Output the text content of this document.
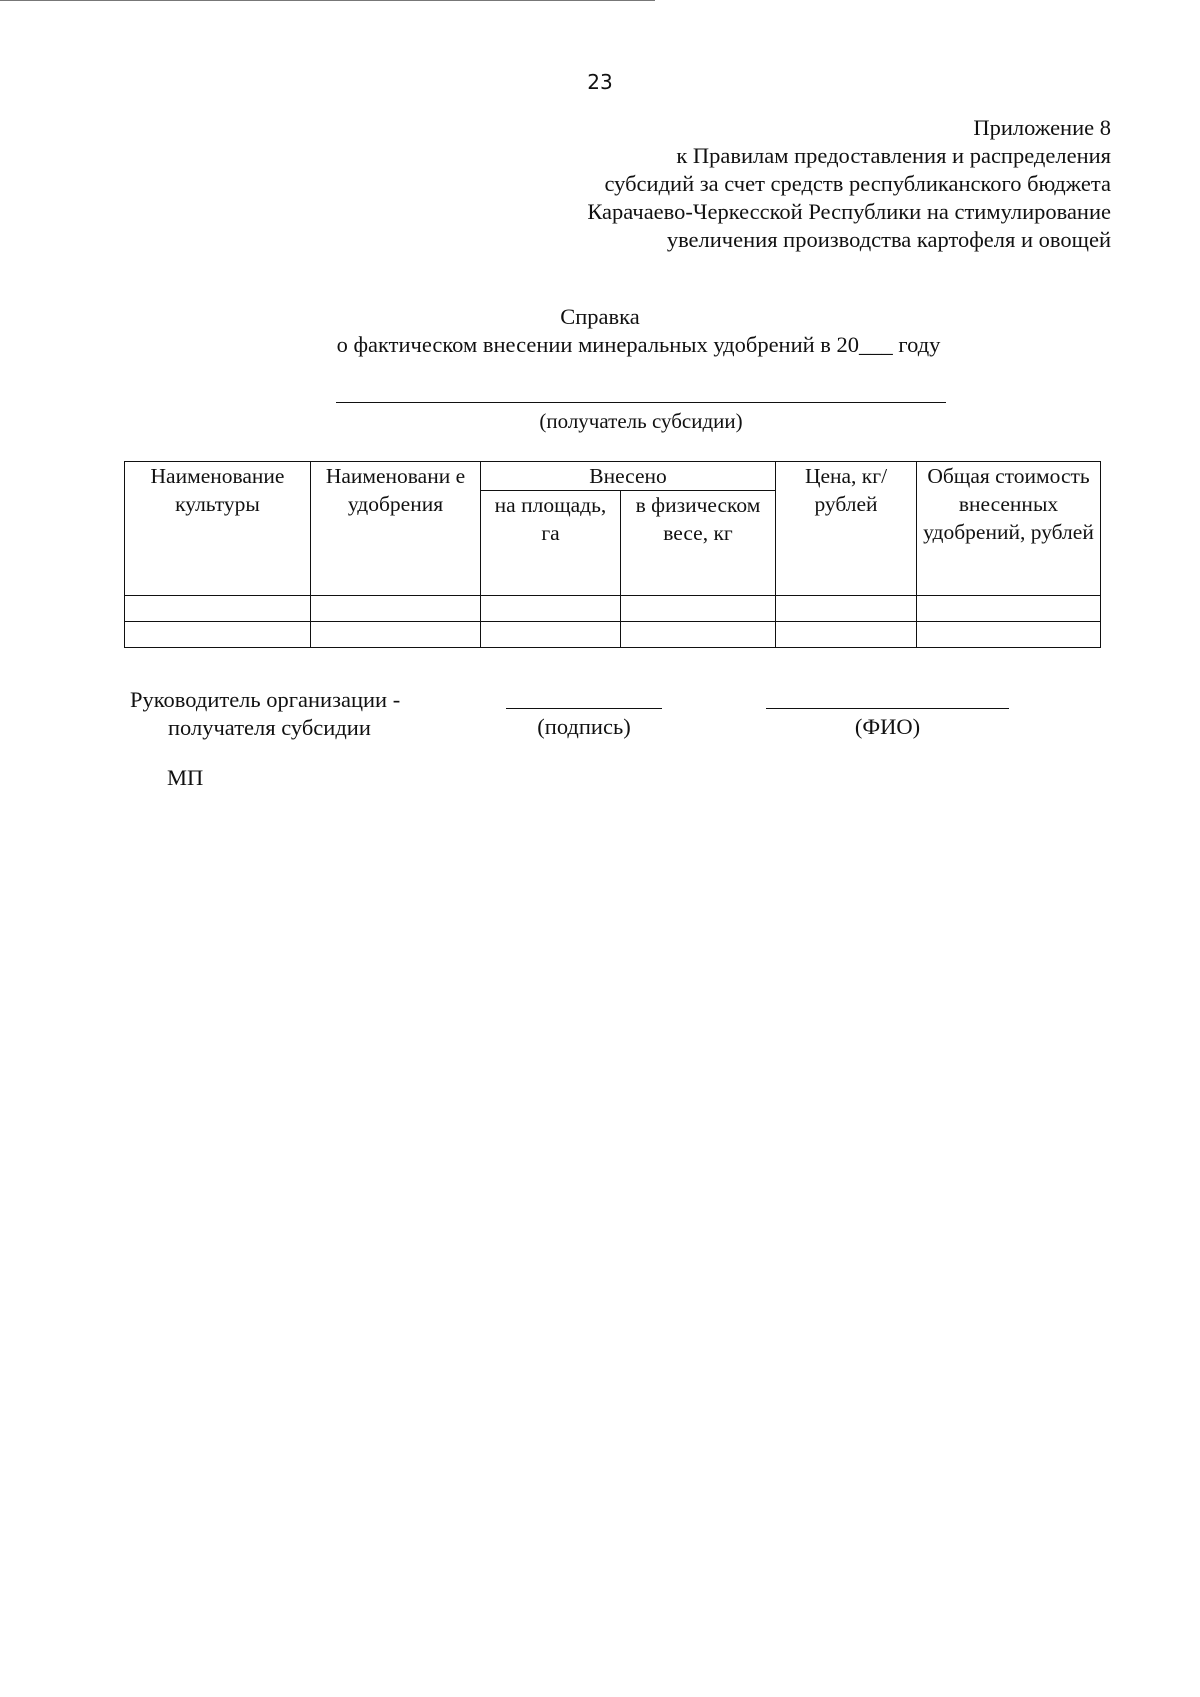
23
Приложение 8
к Правилам предоставления и распределения
субсидий за счет средств республиканского бюджета
Карачаево-Черкесской Республики на стимулирование
увеличения производства картофеля и овощей
Справка
о фактическом внесении минеральных удобрений в 20___ году
(получатель субсидии)
Наименование культуры	Наименовани е удобрения	Внесено		Цена, кг/рублей	Общая стоимость внесенных удобрений, рублей
		на площадь, га	в физическом весе, кг		

Руководитель организации -
получателя субсидии	(подпись)	(ФИО)
МП
